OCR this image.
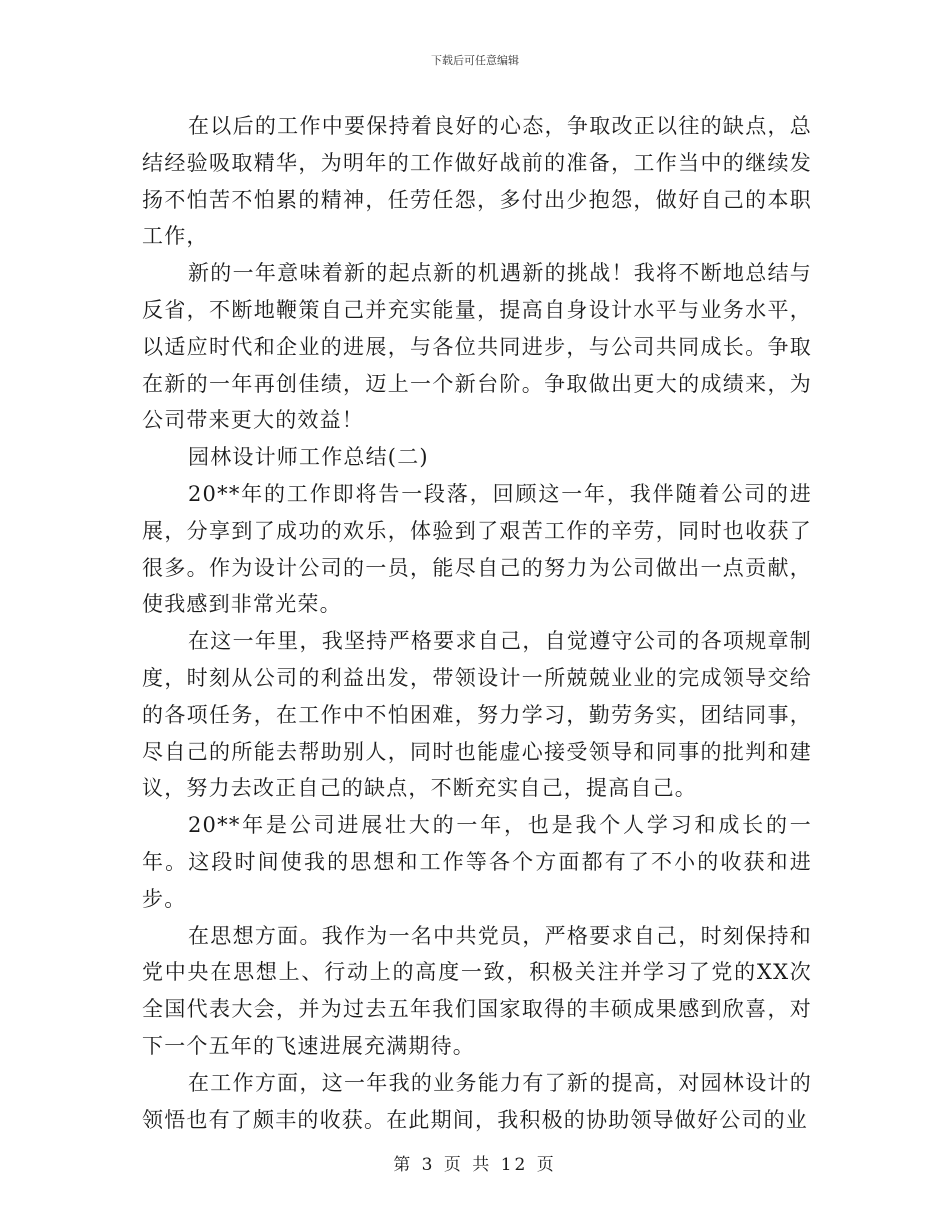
下载后可任意编辑

在以后的工作中要保持着良好的心态，争取改正以往的缺点，总结经验吸取精华，为明年的工作做好战前的准备，工作当中的继续发扬不怕苦不怕累的精神，任劳任怨，多付出少抱怨，做好自己的本职工作，

新的一年意味着新的起点新的机遇新的挑战！我将不断地总结与反省，不断地鞭策自己并充实能量，提高自身设计水平与业务水平，以适应时代和企业的进展，与各位共同进步，与公司共同成长。争取在新的一年再创佳绩，迈上一个新台阶。争取做出更大的成绩来，为公司带来更大的效益！

园林设计师工作总结(二)

20**年的工作即将告一段落，回顾这一年，我伴随着公司的进展，分享到了成功的欢乐，体验到了艰苦工作的辛劳，同时也收获了很多。作为设计公司的一员，能尽自己的努力为公司做出一点贡献，使我感到非常光荣。

在这一年里，我坚持严格要求自己，自觉遵守公司的各项规章制度，时刻从公司的利益出发，带领设计一所兢兢业业的完成领导交给的各项任务，在工作中不怕困难，努力学习，勤劳务实，团结同事，尽自己的所能去帮助别人，同时也能虚心接受领导和同事的批判和建议，努力去改正自己的缺点，不断充实自己，提高自己。

20**年是公司进展壮大的一年，也是我个人学习和成长的一年。这段时间使我的思想和工作等各个方面都有了不小的收获和进步。

在思想方面。我作为一名中共党员，严格要求自己，时刻保持和党中央在思想上、行动上的高度一致，积极关注并学习了党的XX次全国代表大会，并为过去五年我们国家取得的丰硕成果感到欣喜，对下一个五年的飞速进展充满期待。

在工作方面，这一年我的业务能力有了新的提高，对园林设计的领悟也有了颇丰的收获。在此期间，我积极的协助领导做好公司的业

第 3 页 共 12 页
